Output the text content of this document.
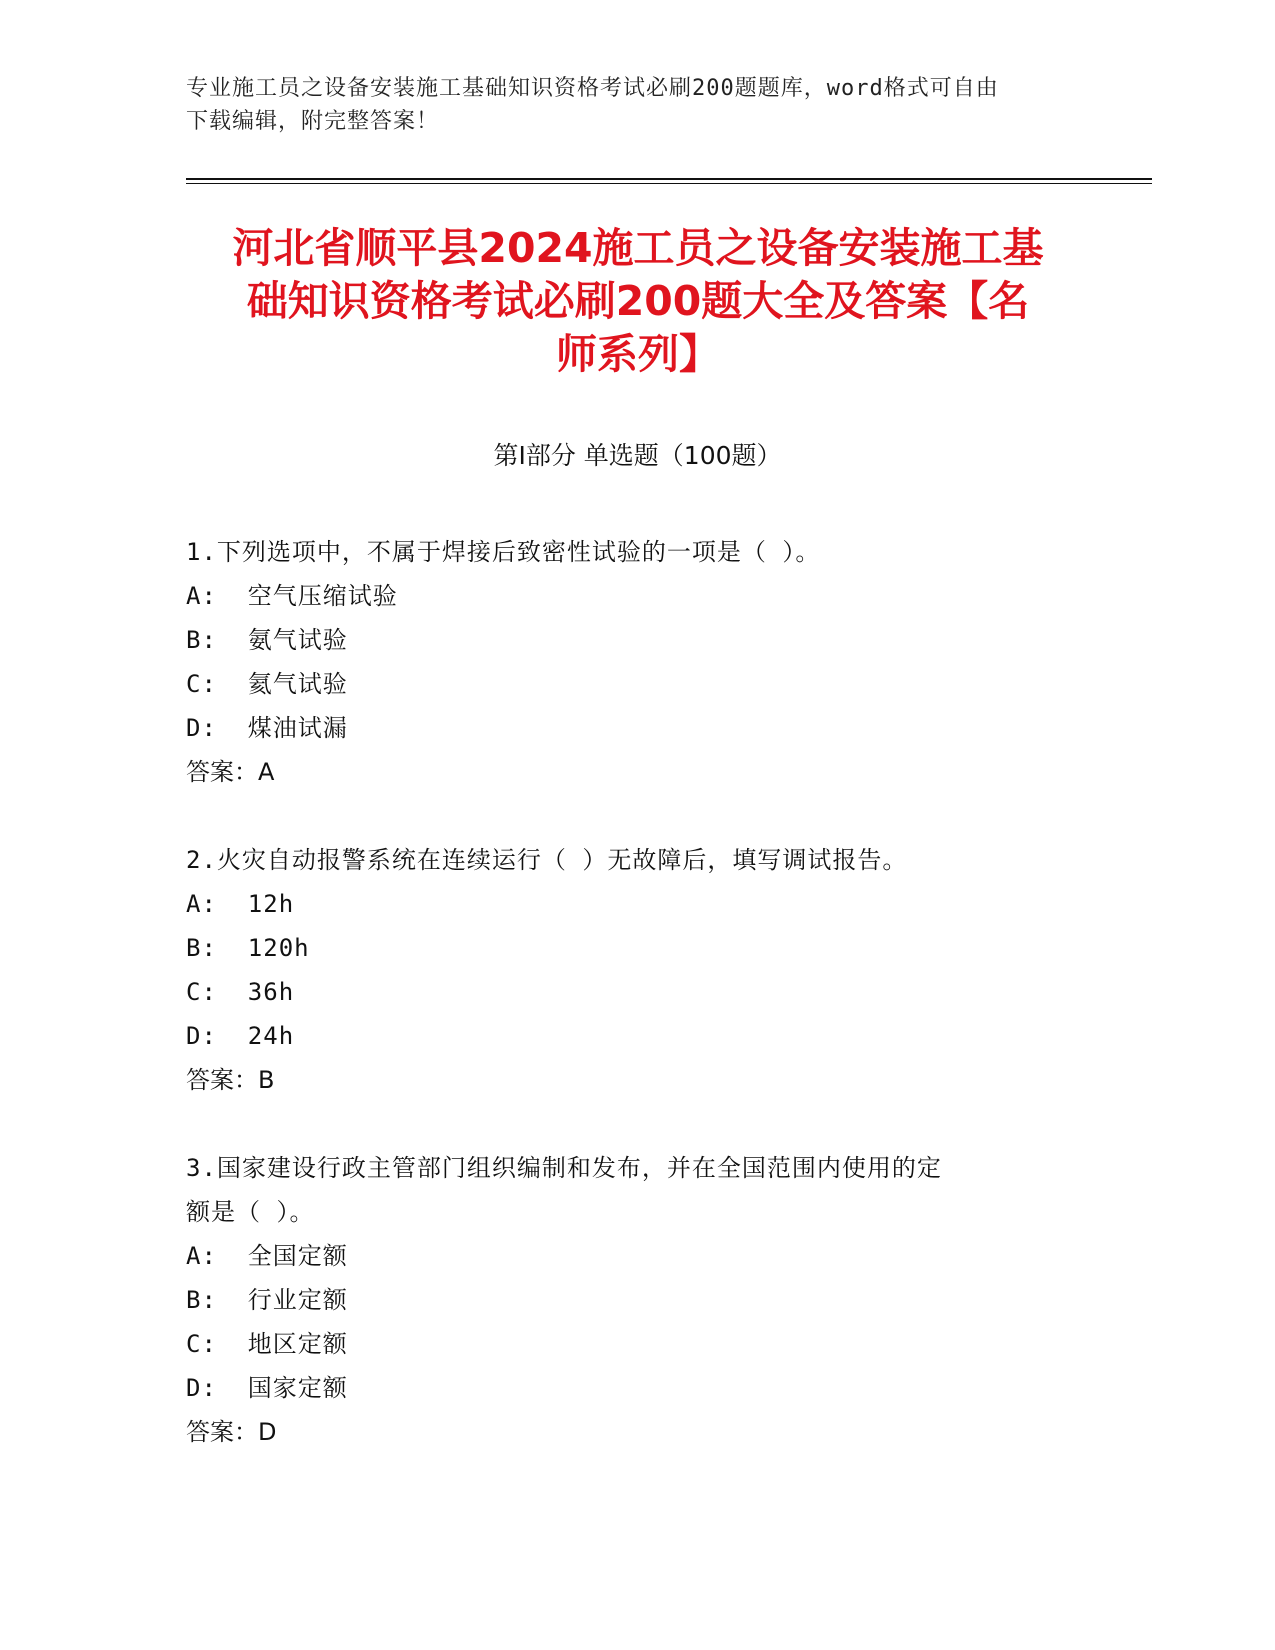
专业施工员之设备安装施工基础知识资格考试必刷200题题库，word格式可自由
下载编辑，附完整答案！
河北省顺平县2024施工员之设备安装施工基
础知识资格考试必刷200题大全及答案【名
师系列】
第Ⅰ部分 单选题（100题）

1.下列选项中，不属于焊接后致密性试验的一项是（ ）。

A:  空气压缩试验

B:  氨气试验

C:  氦气试验

D:  煤油试漏

答案：A

2.火灾自动报警系统在连续运行（ ）无故障后，填写调试报告。

A:  12h

B:  120h

C:  36h

D:  24h

答案：B

3.国家建设行政主管部门组织编制和发布，并在全国范围内使用的定

额是（ ）。

A:  全国定额

B:  行业定额

C:  地区定额

D:  国家定额

答案：D
